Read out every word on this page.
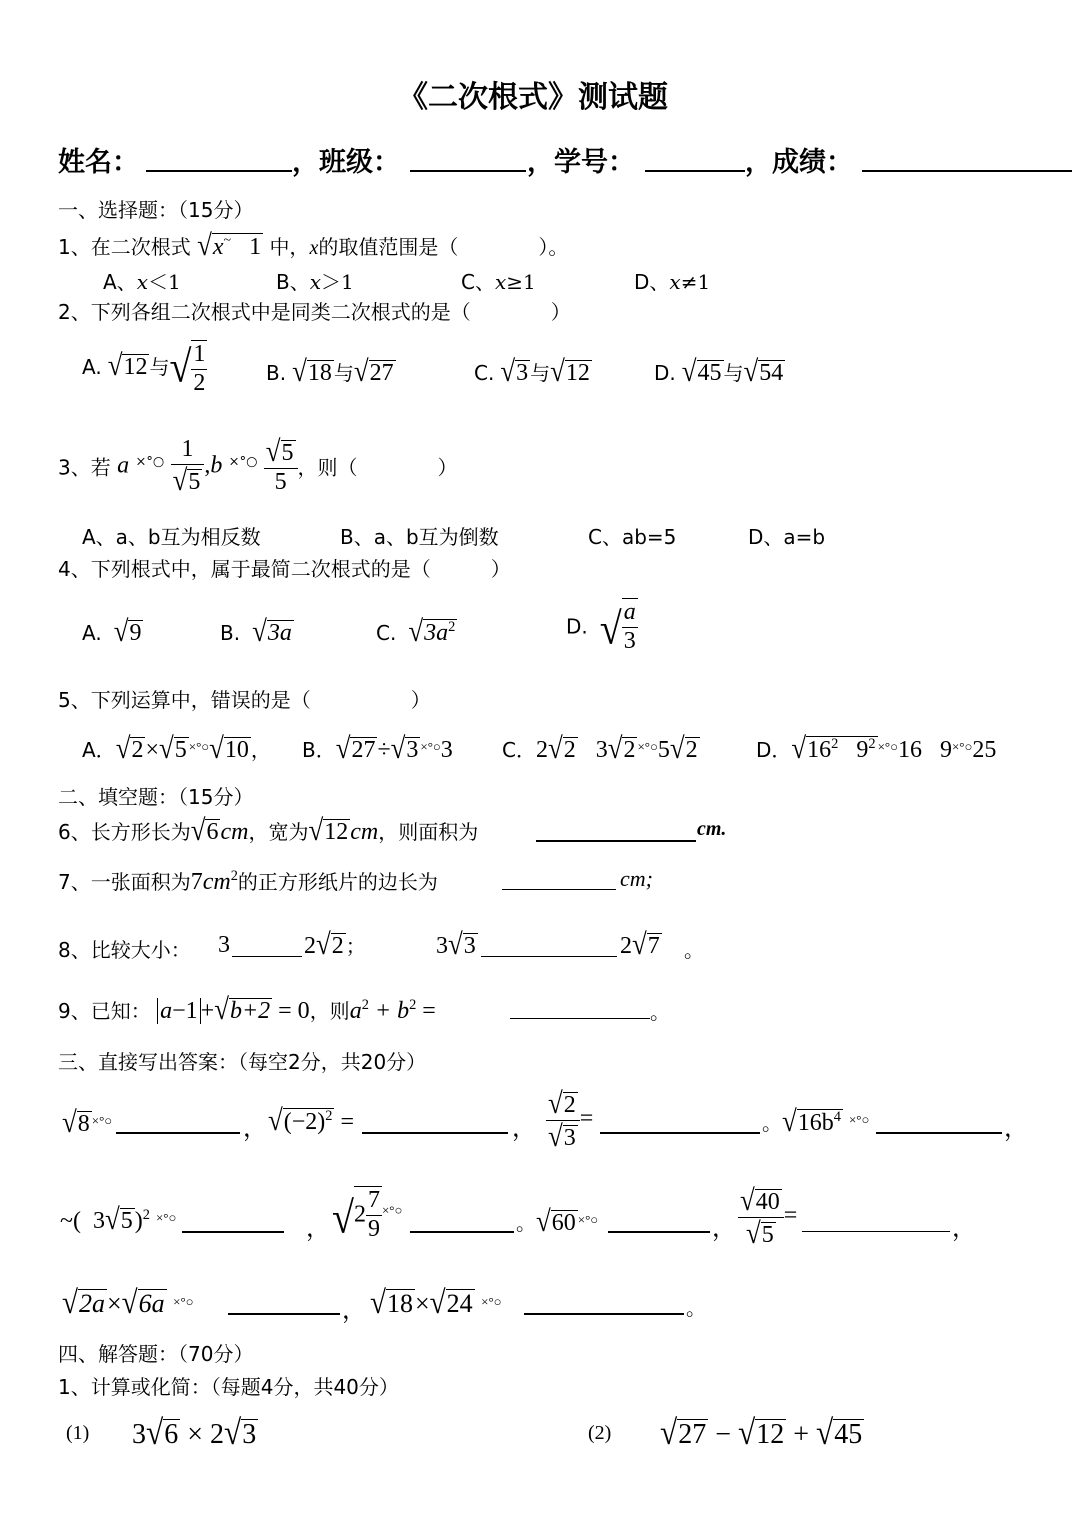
《二次根式》测试题
姓名：	，班级：	，学号：	，成绩：
一、选择题：（15分）
1、在二次根式 √x~ 1 中，x的取值范围是（　　　　）。
A、x＜1	B、x＞1	C、x≥1	D、x≠1
2、下列各组二次根式中是同类二次根式的是（　　　　）
A. √12 与√ $\frac{1}{2}$	B. √18 与√27	C. √3 与√12	D. √45 与√54
3、若 a $^{\times^\circ○} \frac{1}{√5} ,b$ $^{\times^\circ○} \frac{√5}{5}$ ，则（　　　　）
A、a、b互为相反数	B、a、b互为倒数	C、ab=5	D、a=b
4、下列根式中，属于最简二次根式的是（　　　）
A. √9	B. √3a	C. $√3a^2$	D. √ $\frac{a}{3}$
5、下列运算中，错误的是（　　　　　）
A．√2×√5 ×°○√10 ， B．√27÷√3 ×°○3 C．2√2 3√2 ×°○5√2	D．$√16^2$ $9^2$ ×°○16 9×°○25
二、填空题：（15分）
6、长方形长为√6cm，宽为√12cm，则面积为	cm.
7、一张面积为$7cm^2$的正方形纸片的边长为	cm;
8、比较大小： 3	2√2 ；	3√3	2√7 。
9、已知： a−1 +√b+2 = 0，则$a^2 + b^2$ =	。
三、直接写出答案：（每空2分，共20分）
√8 ×°○	， $√(-2)^2$ =	， $\frac{√2}{√3}$ =	。$√16b^4$ ×°○	，
~( 3√5)$^2$ ×°○	， $√2 \frac{7}{9} ^{\times^\circ○}$
。√60 ×°○	， $\frac{√40}{√5}$ =
，
√2a×√6a ×°○	， √18×√24 ×°○	。
四、解答题：（70分）
1、计算或化简：（每题4分，共40分）
(1) 3√6 × 2√3	(2) √27 − √12 + √45
